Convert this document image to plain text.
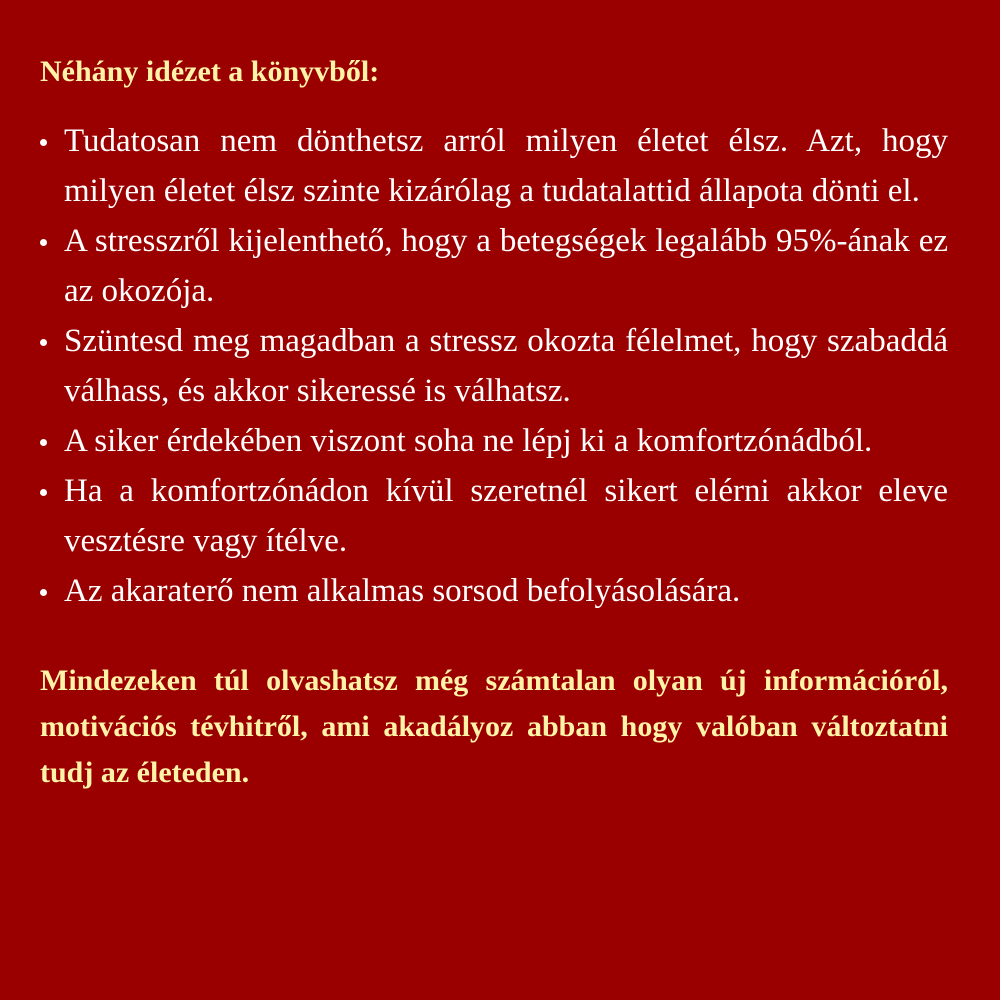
Néhány idézet a könyvből:
Tudatosan nem dönthetsz arról milyen életet élsz. Azt, hogy milyen életet élsz szinte kizárólag a tudatalattid állapota dönti el.
A stresszről kijelenthető, hogy a betegségek legalább 95%-ának ez az okozója.
Szüntesd meg magadban a stressz okozta félelmet, hogy szabaddá válhass, és akkor sikeressé is válhatsz.
A siker érdekében viszont soha ne lépj ki a komfortzónádból.
Ha a komfortzónádon kívül szeretnél sikert elérni akkor eleve vesztésre vagy ítélve.
Az akaraterő nem alkalmas sorsod befolyásolására.

Mindezeken túl olvashatsz még számtalan olyan új információról, motivációs tévhitről, ami akadályoz abban hogy valóban változtatni tudj az életeden.
